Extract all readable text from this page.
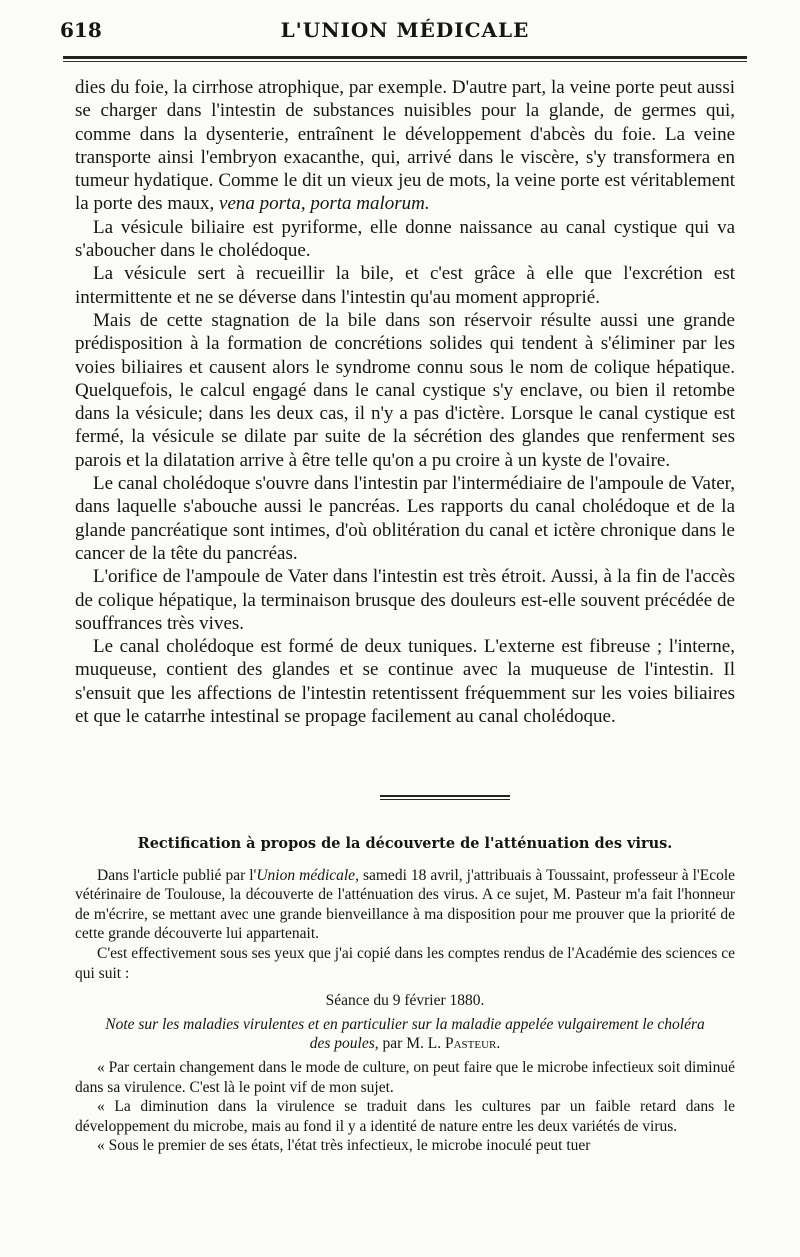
618	L'UNION MÉDICALE

dies du foie, la cirrhose atrophique, par exemple. D'autre part, la veine porte peut aussi se charger dans l'intestin de substances nuisibles pour la glande, de germes qui, comme dans la dysenterie, entraînent le développement d'abcès du foie. La veine transporte ainsi l'embryon exacanthe, qui, arrivé dans le viscère, s'y transformera en tumeur hydatique. Comme le dit un vieux jeu de mots, la veine porte est véritablement la porte des maux, vena porta, porta malorum.

La vésicule biliaire est pyriforme, elle donne naissance au canal cystique qui va s'aboucher dans le cholédoque.

La vésicule sert à recueillir la bile, et c'est grâce à elle que l'excrétion est intermittente et ne se déverse dans l'intestin qu'au moment approprié.

Mais de cette stagnation de la bile dans son réservoir résulte aussi une grande prédisposition à la formation de concrétions solides qui tendent à s'éliminer par les voies biliaires et causent alors le syndrome connu sous le nom de colique hépatique. Quelquefois, le calcul engagé dans le canal cystique s'y enclave, ou bien il retombe dans la vésicule; dans les deux cas, il n'y a pas d'ictère. Lorsque le canal cystique est fermé, la vésicule se dilate par suite de la sécrétion des glandes que renferment ses parois et la dilatation arrive à être telle qu'on a pu croire à un kyste de l'ovaire.

Le canal cholédoque s'ouvre dans l'intestin par l'intermédiaire de l'ampoule de Vater, dans laquelle s'abouche aussi le pancréas. Les rapports du canal cholédoque et de la glande pancréatique sont intimes, d'où oblitération du canal et ictère chronique dans le cancer de la tête du pancréas.

L'orifice de l'ampoule de Vater dans l'intestin est très étroit. Aussi, à la fin de l'accès de colique hépatique, la terminaison brusque des douleurs est-elle souvent précédée de souffrances très vives.

Le canal cholédoque est formé de deux tuniques. L'externe est fibreuse ; l'interne, muqueuse, contient des glandes et se continue avec la muqueuse de l'intestin. Il s'ensuit que les affections de l'intestin retentissent fréquemment sur les voies biliaires et que le catarrhe intestinal se propage facilement au canal cholédoque.

Rectification à propos de la découverte de l'atténuation des virus.

Dans l'article publié par l'Union médicale, samedi 18 avril, j'attribuais à Toussaint, professeur à l'Ecole vétérinaire de Toulouse, la découverte de l'atténuation des virus. A ce sujet, M. Pasteur m'a fait l'honneur de m'écrire, se mettant avec une grande bienveillance à ma disposition pour me prouver que la priorité de cette grande découverte lui appartenait.

C'est effectivement sous ses yeux que j'ai copié dans les comptes rendus de l'Académie des sciences ce qui suit :

Séance du 9 février 1880.

Note sur les maladies virulentes et en particulier sur la maladie appelée vulgairement le choléra des poules, par M. L. Pasteur.

« Par certain changement dans le mode de culture, on peut faire que le microbe infectieux soit diminué dans sa virulence. C'est là le point vif de mon sujet.

« La diminution dans la virulence se traduit dans les cultures par un faible retard dans le développement du microbe, mais au fond il y a identité de nature entre les deux variétés de virus.

« Sous le premier de ses états, l'état très infectieux, le microbe inoculé peut tuer
